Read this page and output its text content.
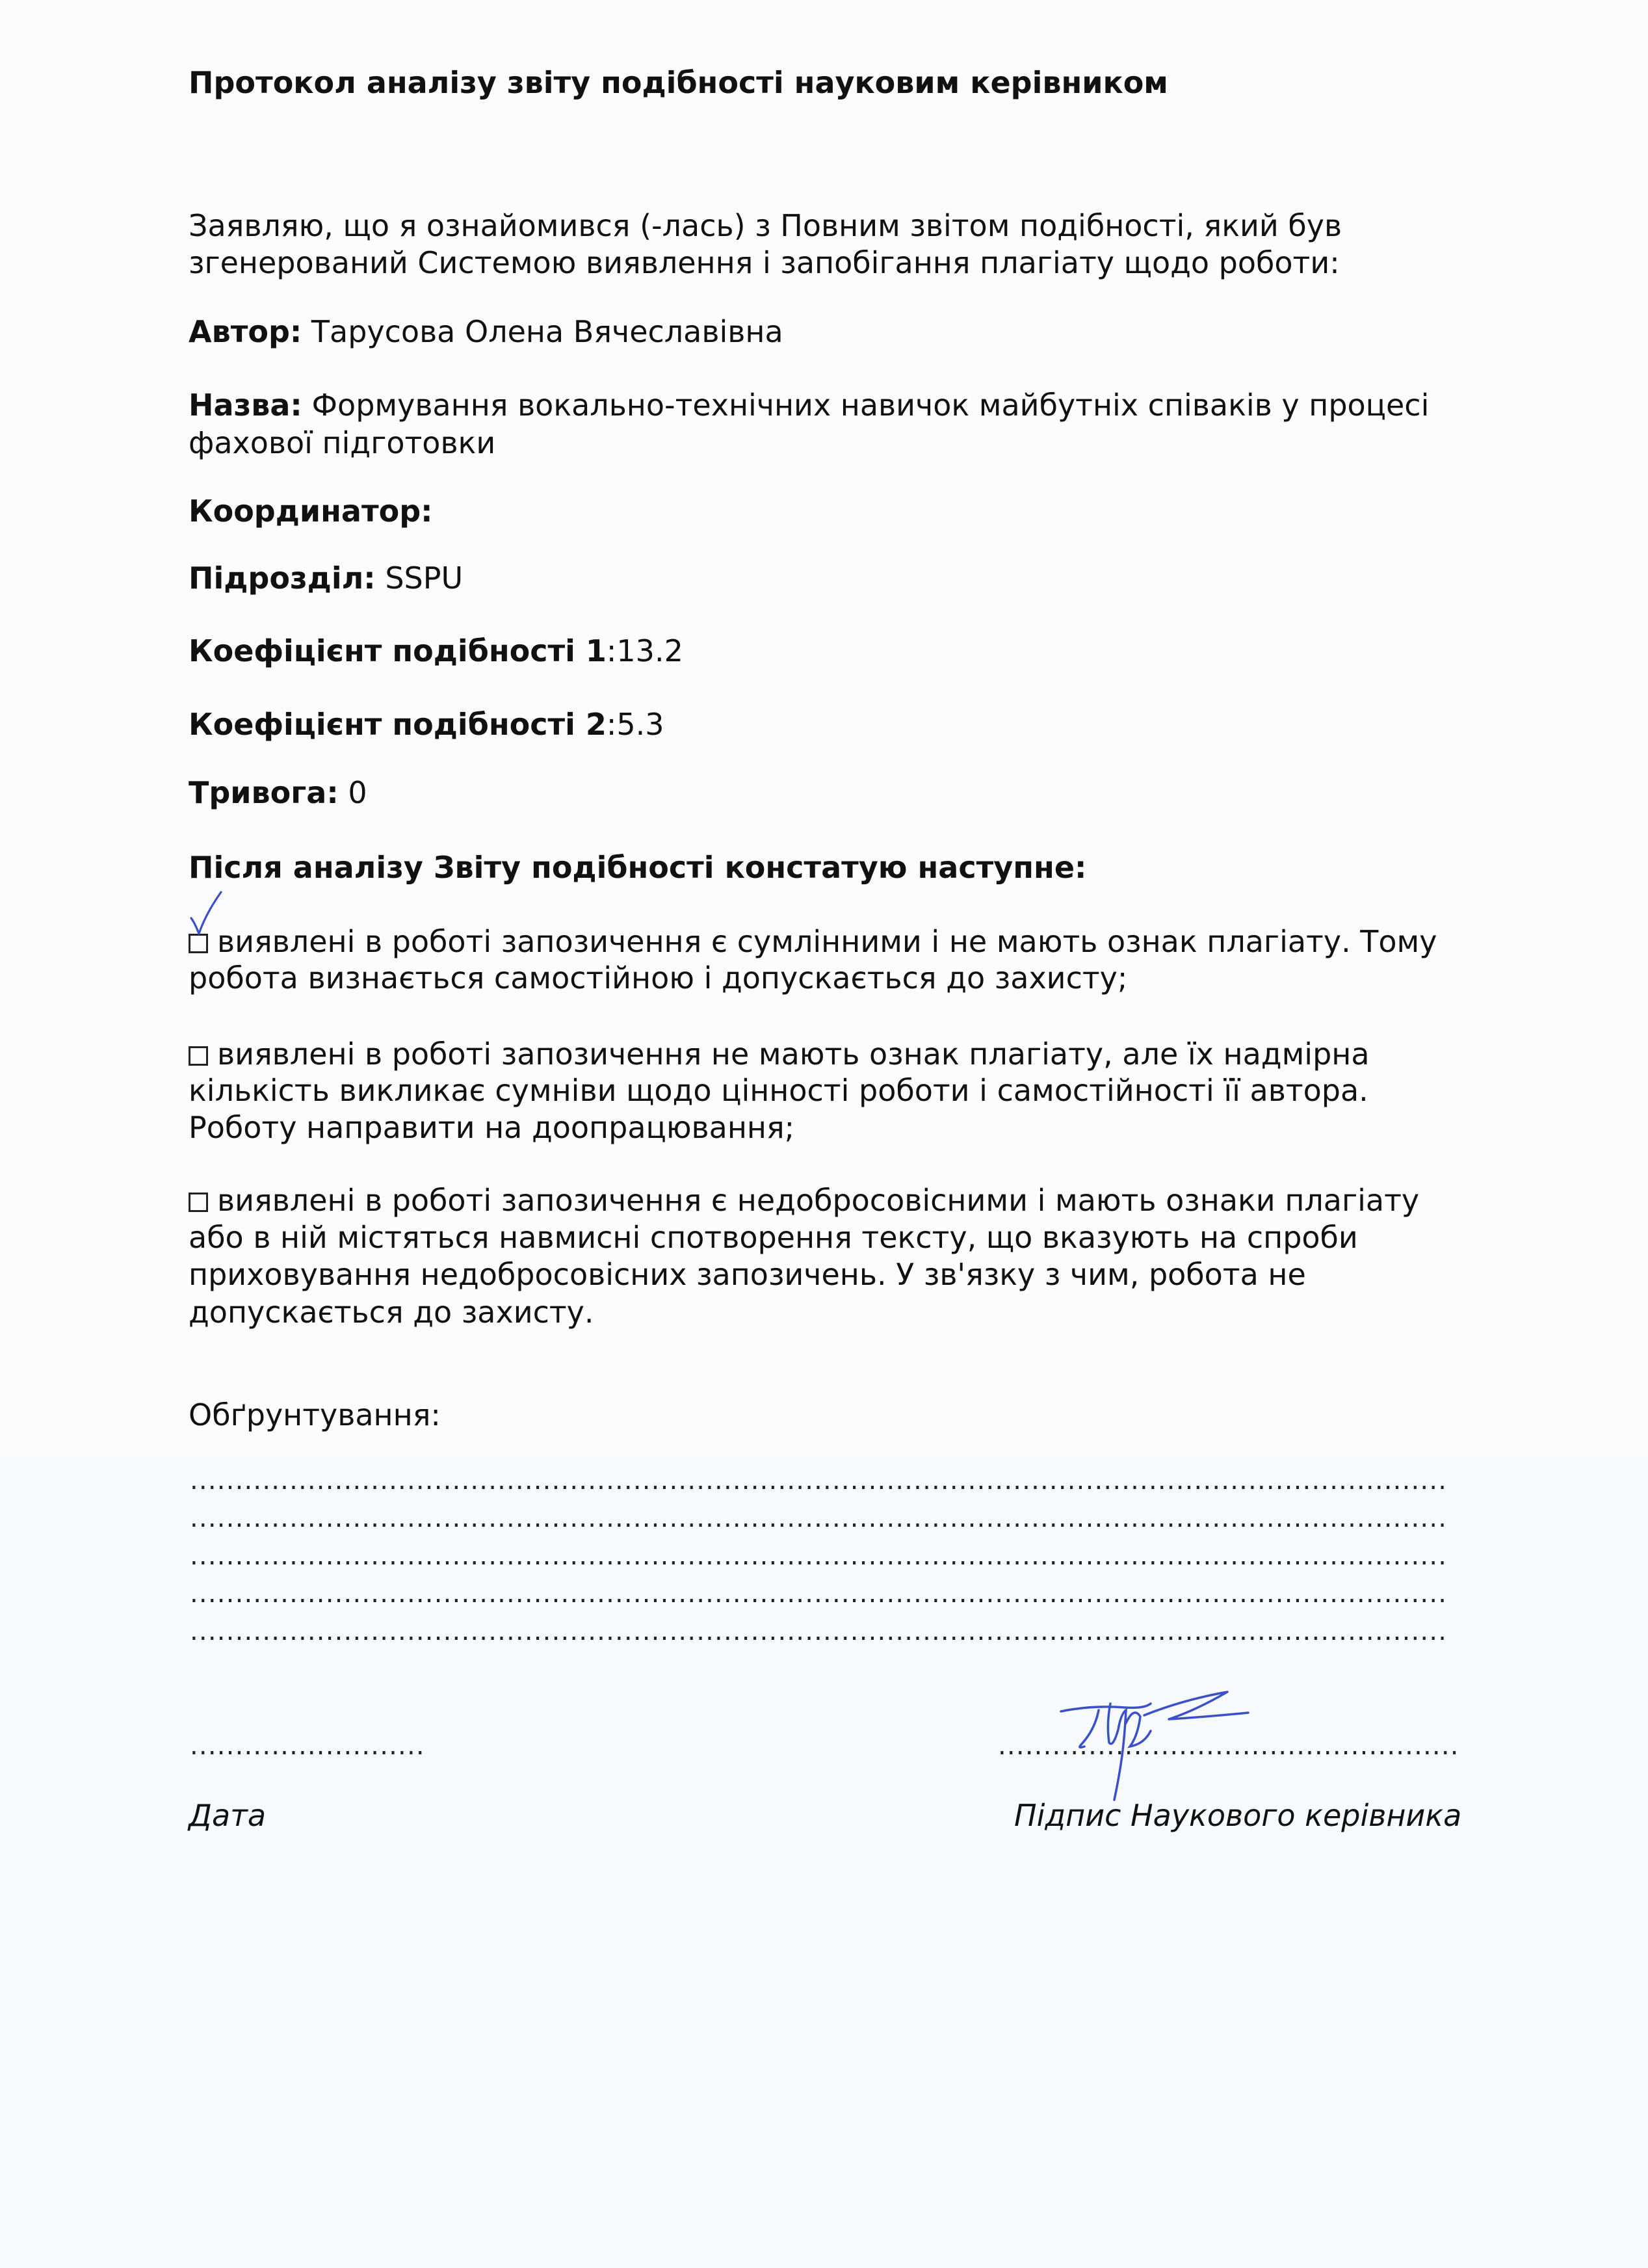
Протокол аналізу звіту подібності науковим керівником
Заявляю, що я ознайомився (-лась) з Повним звітом подібності, який був
згенерований Системою виявлення і запобігання плагіату щодо роботи:
Автор: Тарусова Олена Вячеславівна
Назва: Формування вокально-технічних навичок майбутніх співаків у процесі
фахової підготовки
Координатор:
Підрозділ: SSPU
Коефіцієнт подібності 1:13.2
Коефіцієнт подібності 2:5.3
Тривога: 0
Після аналізу Звіту подібності констатую наступне:
виявлені в роботі запозичення є сумлінними і не мають ознак плагіату. Тому
робота визнається самостійною і допускається до захисту;
виявлені в роботі запозичення не мають ознак плагіату, але їх надмірна
кількість викликає сумніви щодо цінності роботи і самостійності її автора.
Роботу направити на доопрацювання;
виявлені в роботі запозичення є недобросовісними і мають ознаки плагіату
або в ній містяться навмисні спотворення тексту, що вказують на спроби
приховування недобросовісних запозичень. У зв'язку з чим, робота не
допускається до захисту.
Обґрунтування:
...........................................................................................................................................
...........................................................................................................................................
...........................................................................................................................................
...........................................................................................................................................
...........................................................................................................................................
..........................	...................................................
Дата	Підпис Наукового керівника
